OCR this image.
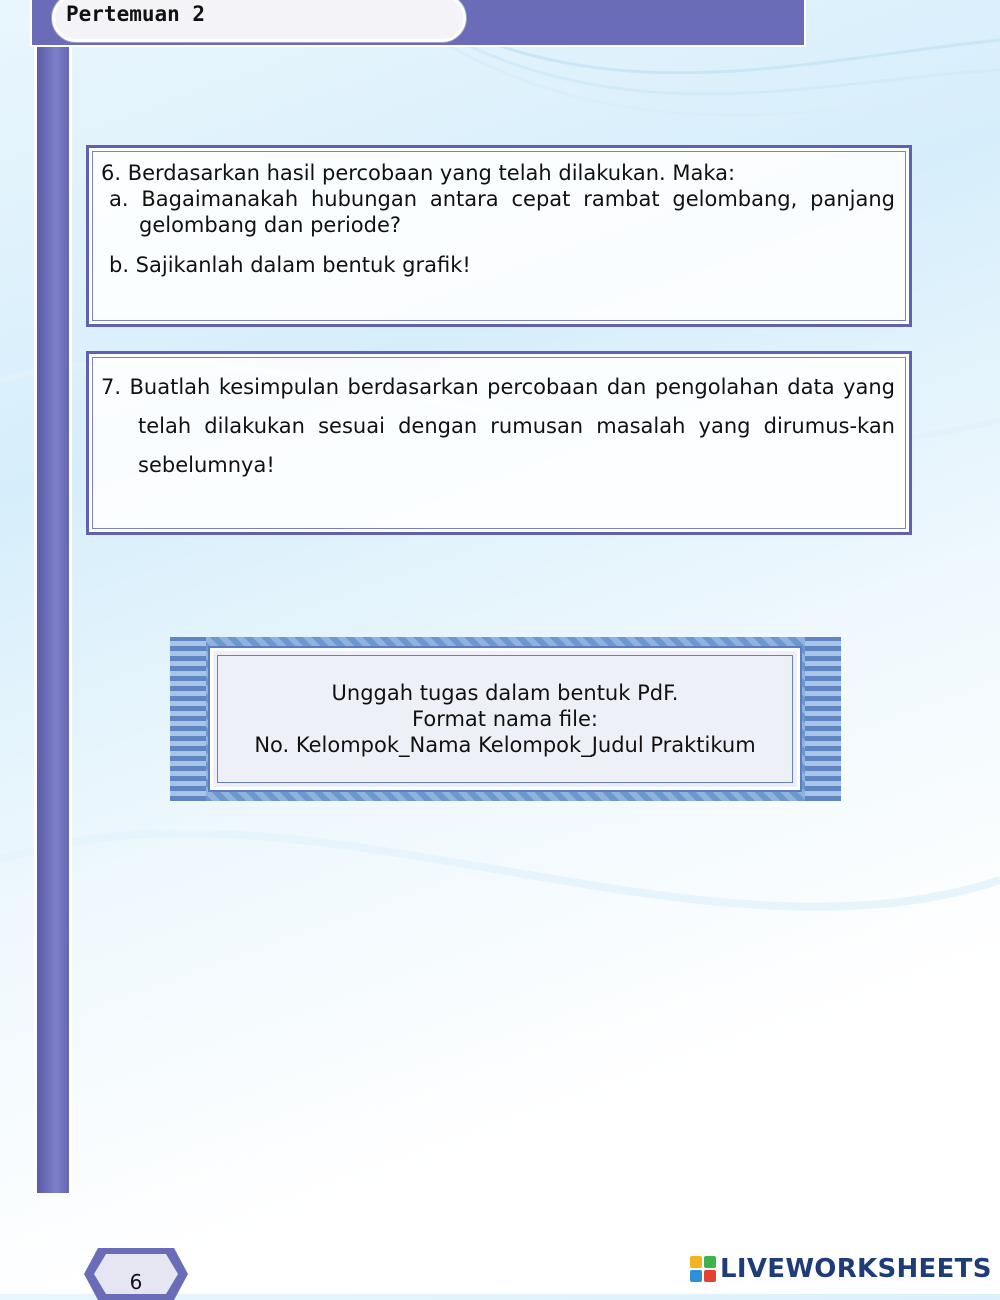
Pertemuan 2
6. Berdasarkan hasil percobaan yang telah dilakukan. Maka:
a. Bagaimanakah hubungan antara cepat rambat gelombang, panjang gelombang dan periode?
b. Sajikanlah dalam bentuk grafik!
7. Buatlah kesimpulan berdasarkan percobaan dan pengolahan data yang telah dilakukan sesuai dengan rumusan masalah yang dirumus-kan sebelumnya!
Unggah tugas dalam bentuk PdF.
Format nama file:
No. Kelompok_Nama Kelompok_Judul Praktikum
6	LIVEWORKSHEETS
